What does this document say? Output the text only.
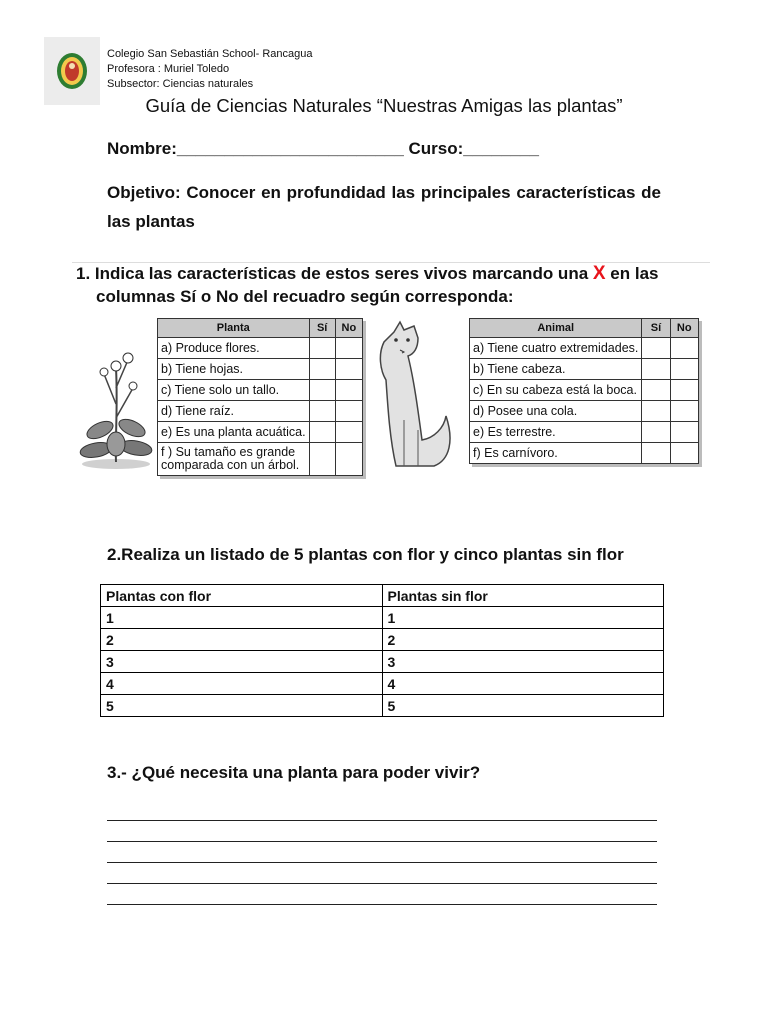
Colegio San Sebastián School- Rancagua
Profesora : Muriel Toledo
Subsector: Ciencias naturales
Guía de Ciencias Naturales “Nuestras Amigas las plantas”
Nombre:________________________ Curso:________
Objetivo: Conocer en profundidad las principales características de las plantas
1. Indica las características de estos seres vivos marcando una X en las
columnas Sí o No del recuadro según corresponda:
Planta	Sí	No
a) Produce flores.		
b) Tiene hojas.		
c) Tiene solo un tallo.		
d) Tiene raíz.		
e) Es una planta acuática.		
f ) Su tamaño es grande comparada con un árbol.		
Animal	Sí	No
a) Tiene cuatro extremidades.		
b) Tiene cabeza.		
c) En su cabeza está la boca.		
d) Posee una cola.		
e) Es terrestre.		
f) Es carnívoro.		
2.Realiza un listado de 5 plantas con flor y cinco plantas sin flor
Plantas con flor	Plantas sin flor
1	1
2	2
3	3
4	4
5	5
3.- ¿Qué necesita una planta para poder vivir?
